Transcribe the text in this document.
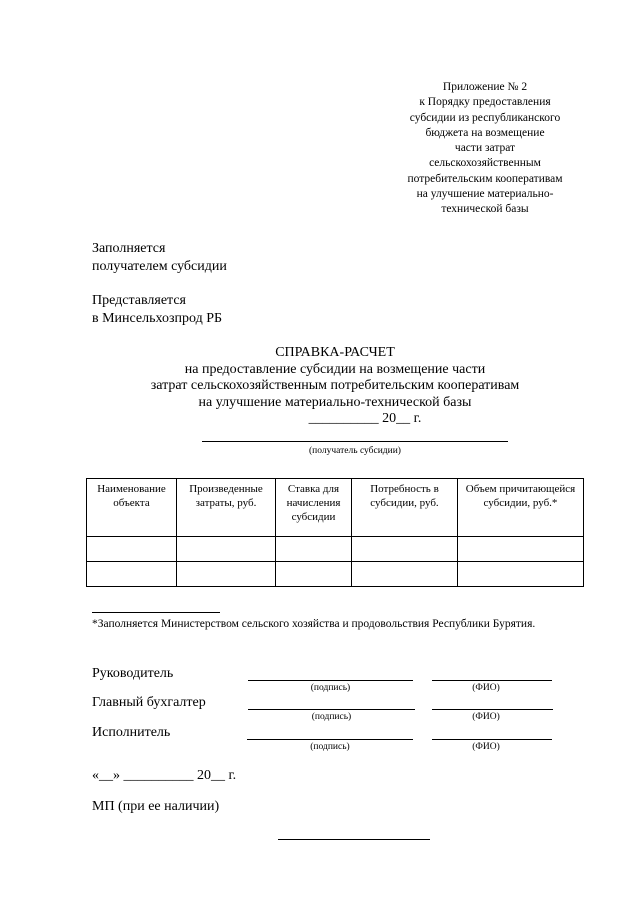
Приложение № 2
к Порядку предоставления
субсидии из республиканского
бюджета на возмещение
части затрат
сельскохозяйственным
потребительским кооперативам
на улучшение материально-
технической базы
Заполняется
получателем субсидии
Представляется
в Минсельхозпрод РБ
СПРАВКА-РАСЧЕТ
на предоставление субсидии на возмещение части
затрат сельскохозяйственным потребительским кооперативам
на улучшение материально-технической базы
__________ 20__ г.
(получатель субсидии)
Наименование объекта	Произведенные затраты, руб.	Ставка для начисления субсидии	Потребность в субсидии, руб.	Объем причитающейся субсидии, руб.*

*Заполняется Министерством сельского хозяйства и продовольствия Республики Бурятия.
Руководитель
(подпись)	(ФИО)
Главный бухгалтер
(подпись)	(ФИО)
Исполнитель
(подпись)	(ФИО)
«__» __________ 20__ г.
МП (при ее наличии)
